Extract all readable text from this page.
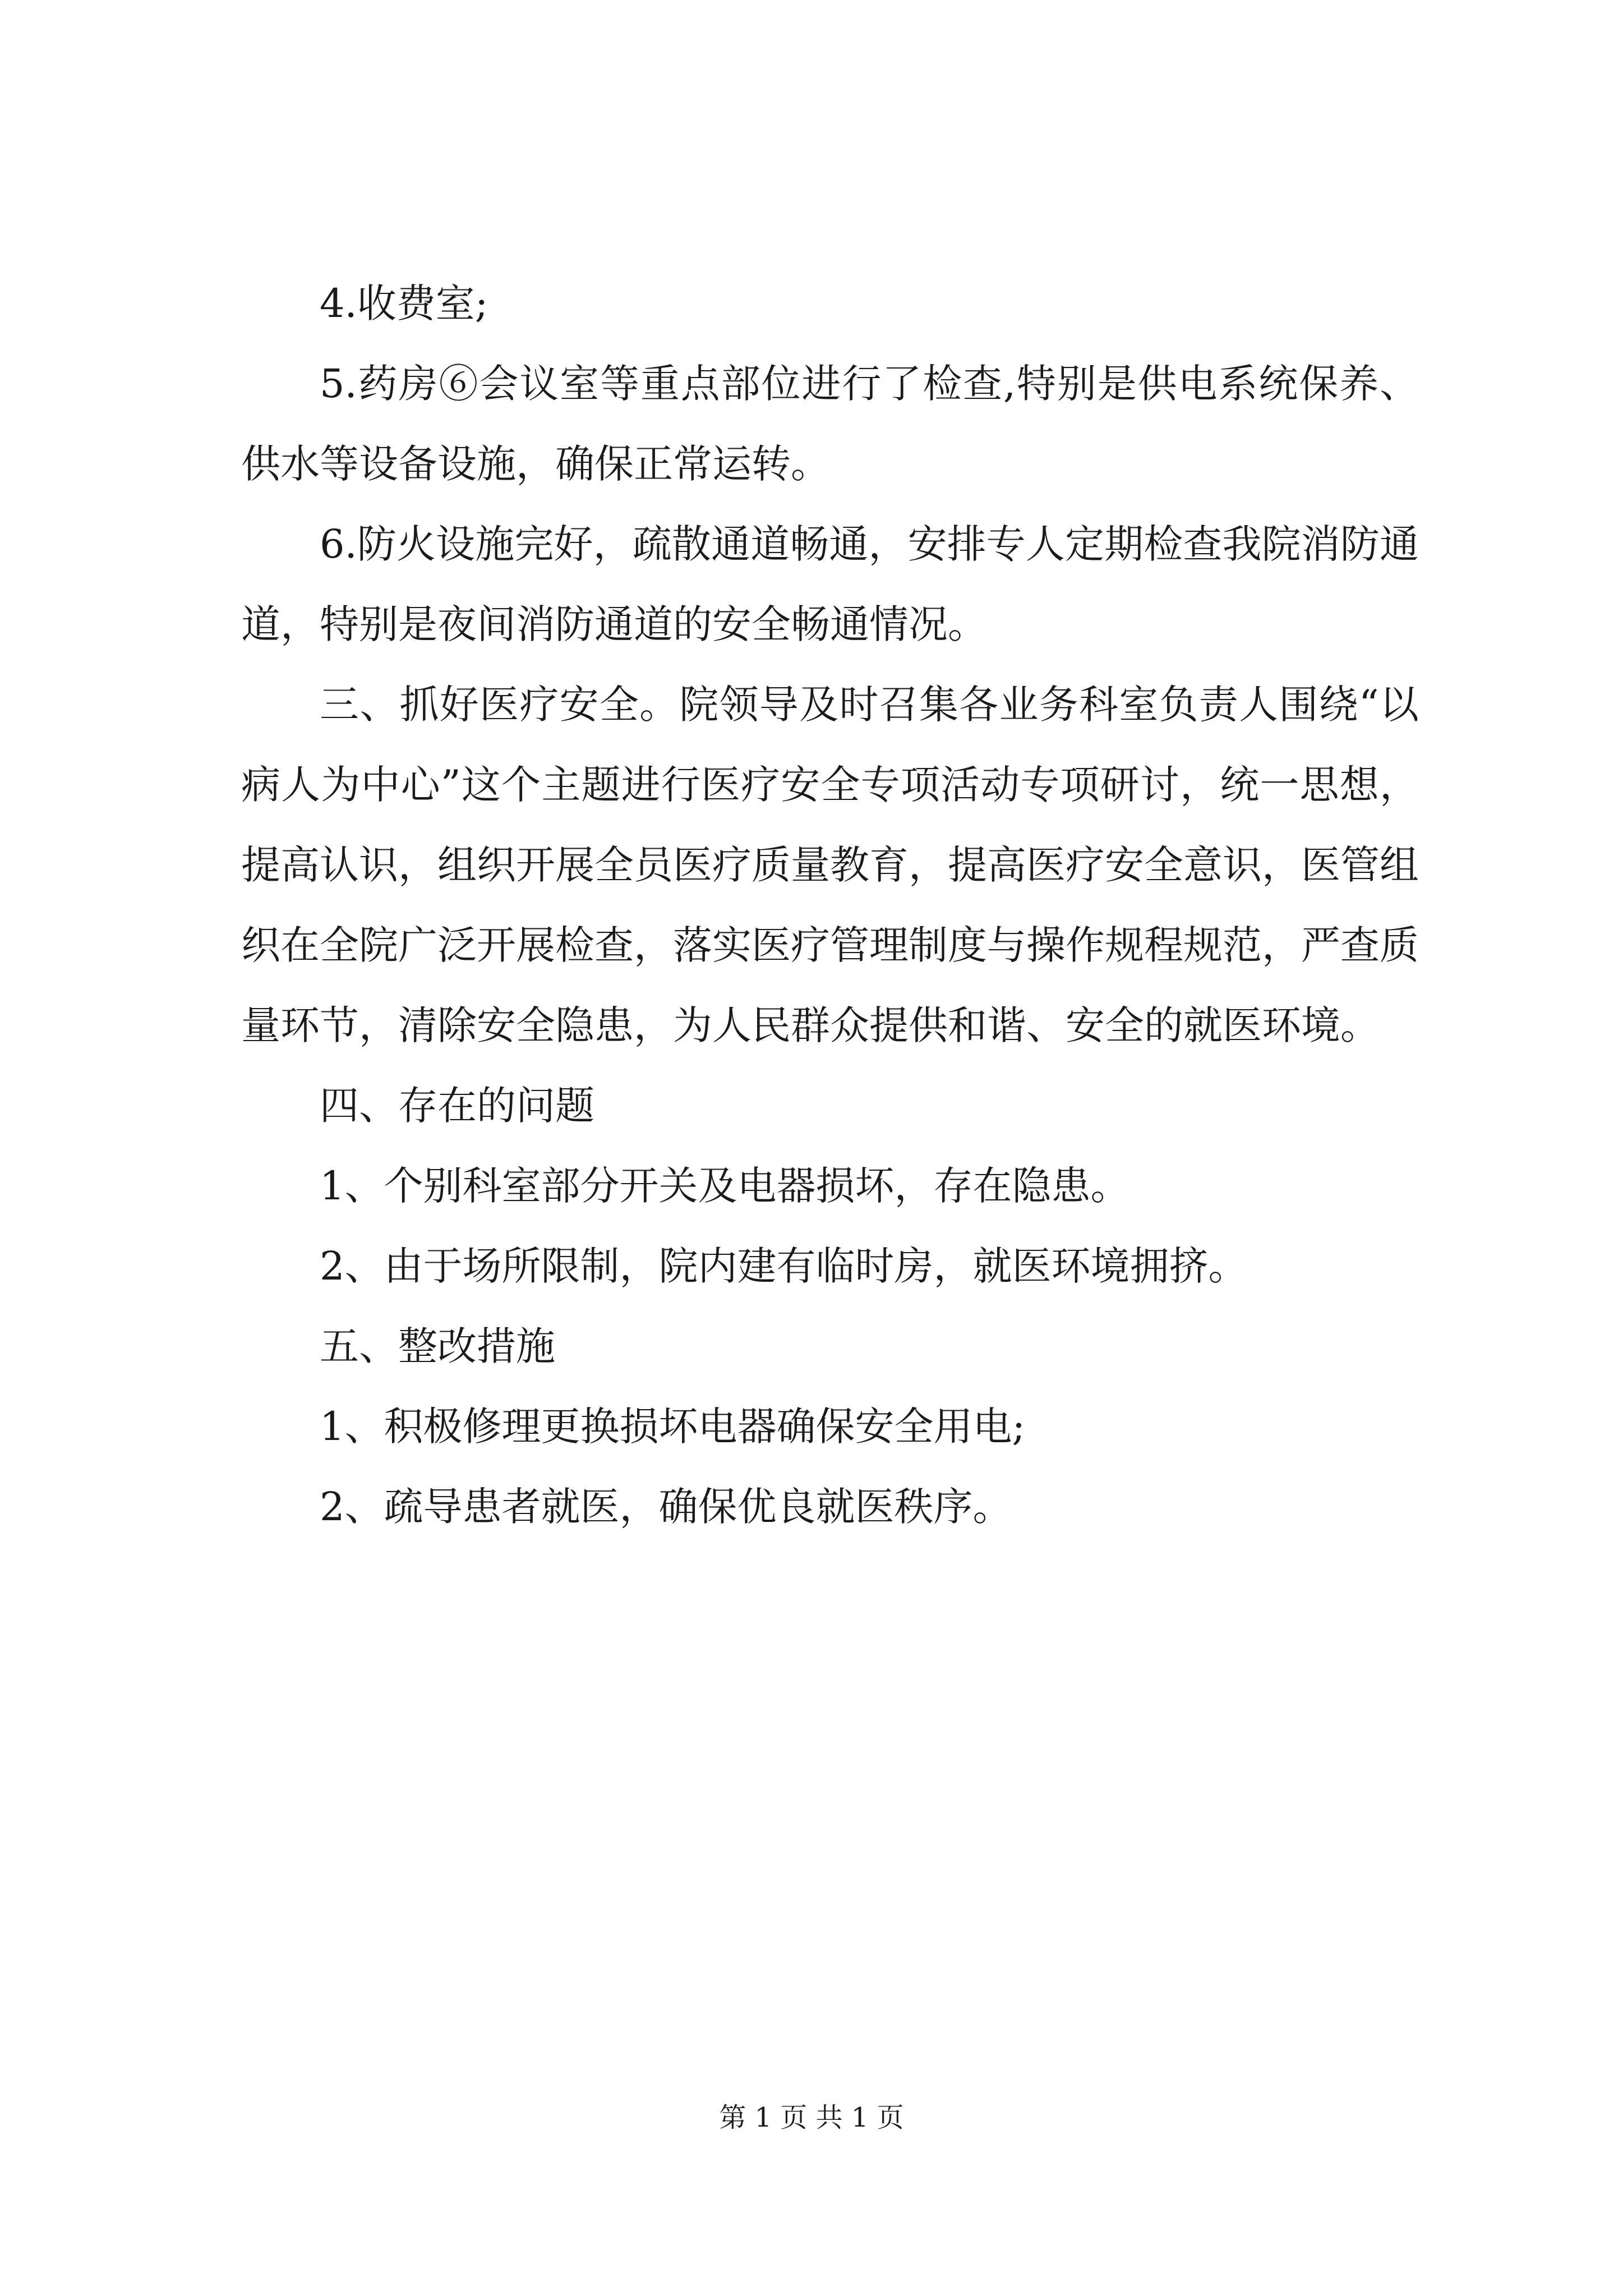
4.收费室;

5.药房⑥会议室等重点部位进行了检查,特别是供电系统保养、供水等设备设施，确保正常运转。

6.防火设施完好，疏散通道畅通，安排专人定期检查我院消防通道，特别是夜间消防通道的安全畅通情况。

三、抓好医疗安全。院领导及时召集各业务科室负责人围绕“以病人为中心”这个主题进行医疗安全专项活动专项研讨，统一思想，提高认识，组织开展全员医疗质量教育，提高医疗安全意识，医管组织在全院广泛开展检查，落实医疗管理制度与操作规程规范，严查质量环节，清除安全隐患，为人民群众提供和谐、安全的就医环境。

四、存在的问题

1、个别科室部分开关及电器损坏，存在隐患。

2、由于场所限制，院内建有临时房，就医环境拥挤。

五、整改措施

1、积极修理更换损坏电器确保安全用电;

2、疏导患者就医，确保优良就医秩序。

第 1 页 共 1 页
